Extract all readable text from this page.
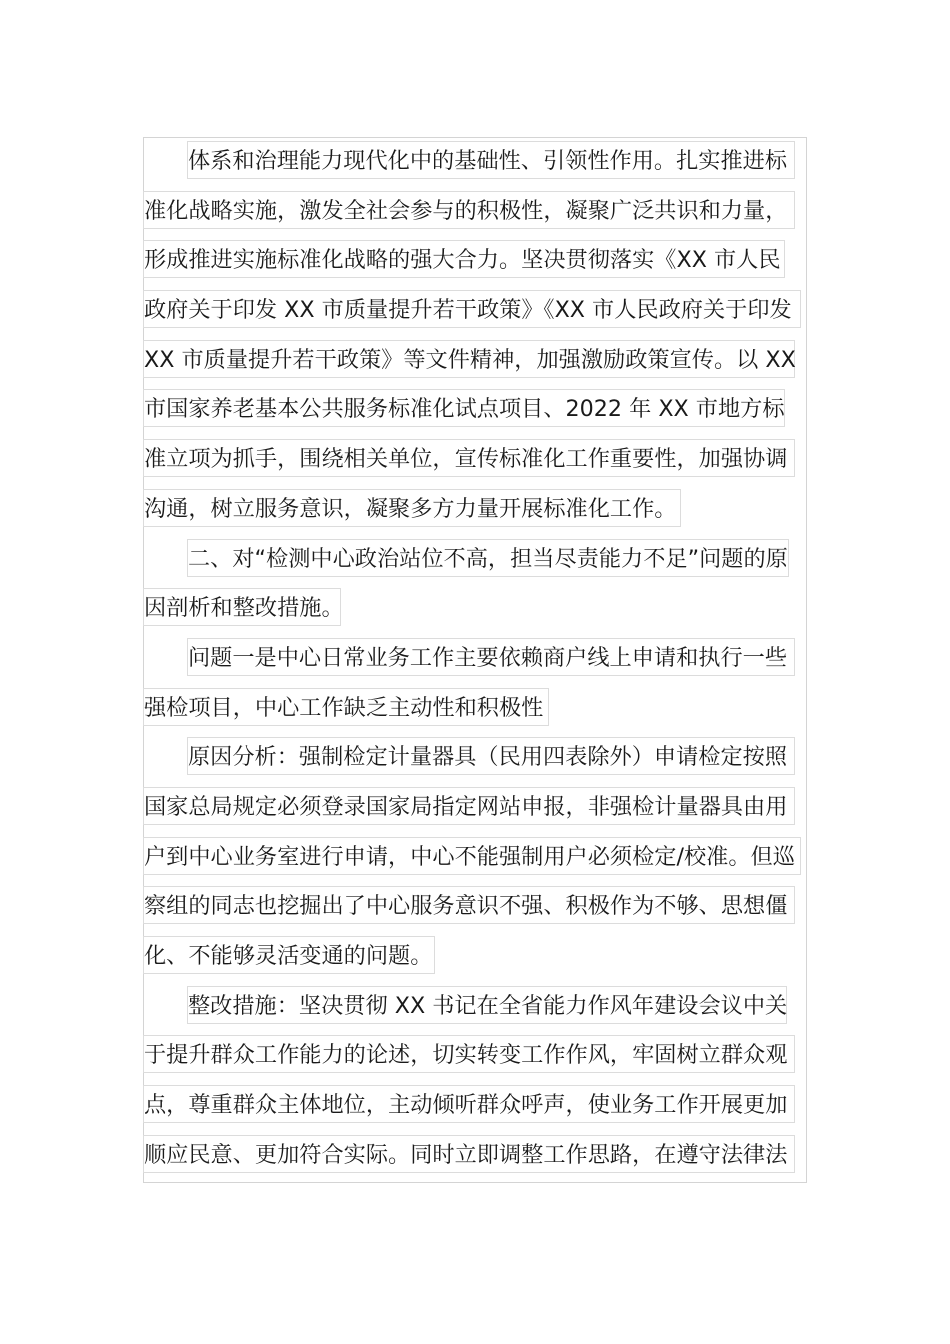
体系和治理能力现代化中的基础性、引领性作用。扎实推进标
准化战略实施，激发全社会参与的积极性，凝聚广泛共识和力量，
形成推进实施标准化战略的强大合力。坚决贯彻落实《XX 市人民
政府关于印发 XX 市质量提升若干政策》《XX 市人民政府关于印发
XX 市质量提升若干政策》等文件精神，加强激励政策宣传。以 XX
市国家养老基本公共服务标准化试点项目、2022 年 XX 市地方标
准立项为抓手，围绕相关单位，宣传标准化工作重要性，加强协调
沟通，树立服务意识，凝聚多方力量开展标准化工作。
二、对“检测中心政治站位不高，担当尽责能力不足”问题的原
因剖析和整改措施。
问题一是中心日常业务工作主要依赖商户线上申请和执行一些
强检项目，中心工作缺乏主动性和积极性
原因分析：强制检定计量器具（民用四表除外）申请检定按照
国家总局规定必须登录国家局指定网站申报，非强检计量器具由用
户到中心业务室进行申请，中心不能强制用户必须检定/校准。但巡
察组的同志也挖掘出了中心服务意识不强、积极作为不够、思想僵
化、不能够灵活变通的问题。
整改措施：坚决贯彻 XX 书记在全省能力作风年建设会议中关
于提升群众工作能力的论述，切实转变工作作风，牢固树立群众观
点，尊重群众主体地位，主动倾听群众呼声，使业务工作开展更加
顺应民意、更加符合实际。同时立即调整工作思路，在遵守法律法
